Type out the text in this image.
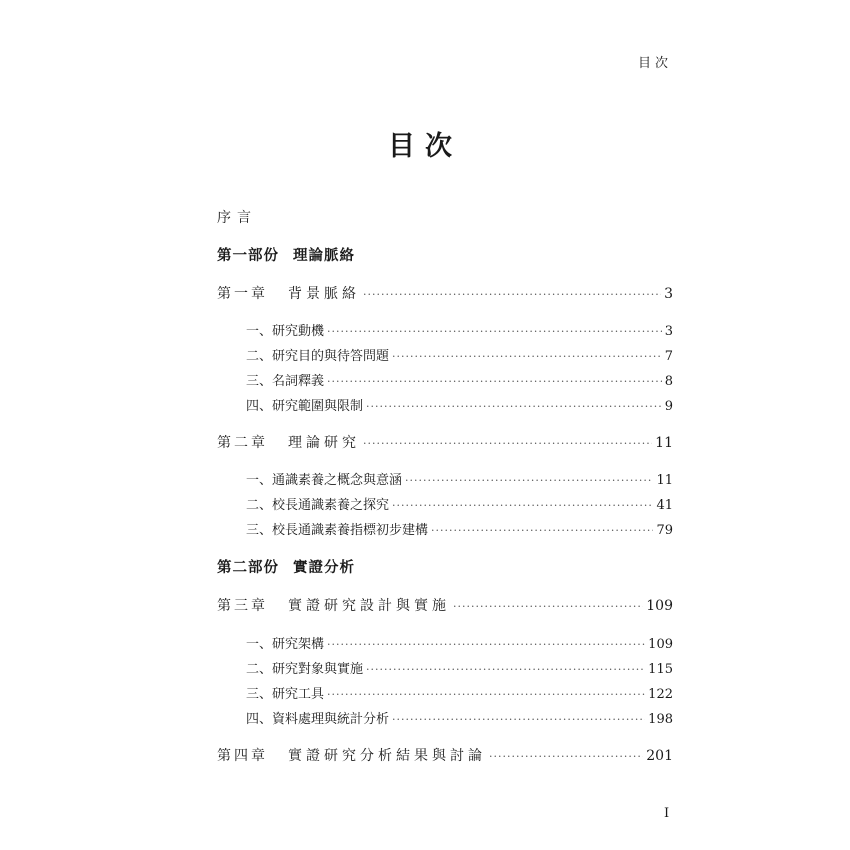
目次
目次
序言
第一部份 理論脈絡
第一章 背景脈絡 ·····	3
一、研究動機 ·····	3
二、研究目的與待答問題 ·····	7
三、名詞釋義 ·····	8
四、研究範圍與限制 ·····	9
第二章 理論研究 ·····	11
一、通識素養之概念與意涵 ·····	11
二、校長通識素養之探究 ·····	41
三、校長通識素養指標初步建構 ·····	79
第二部份 實證分析
第三章 實證研究設計與實施 ·····	109
一、研究架構 ·····	109
二、研究對象與實施 ·····	115
三、研究工具 ·····	122
四、資料處理與統計分析 ·····	198
第四章 實證研究分析結果與討論 ·····	201
I
